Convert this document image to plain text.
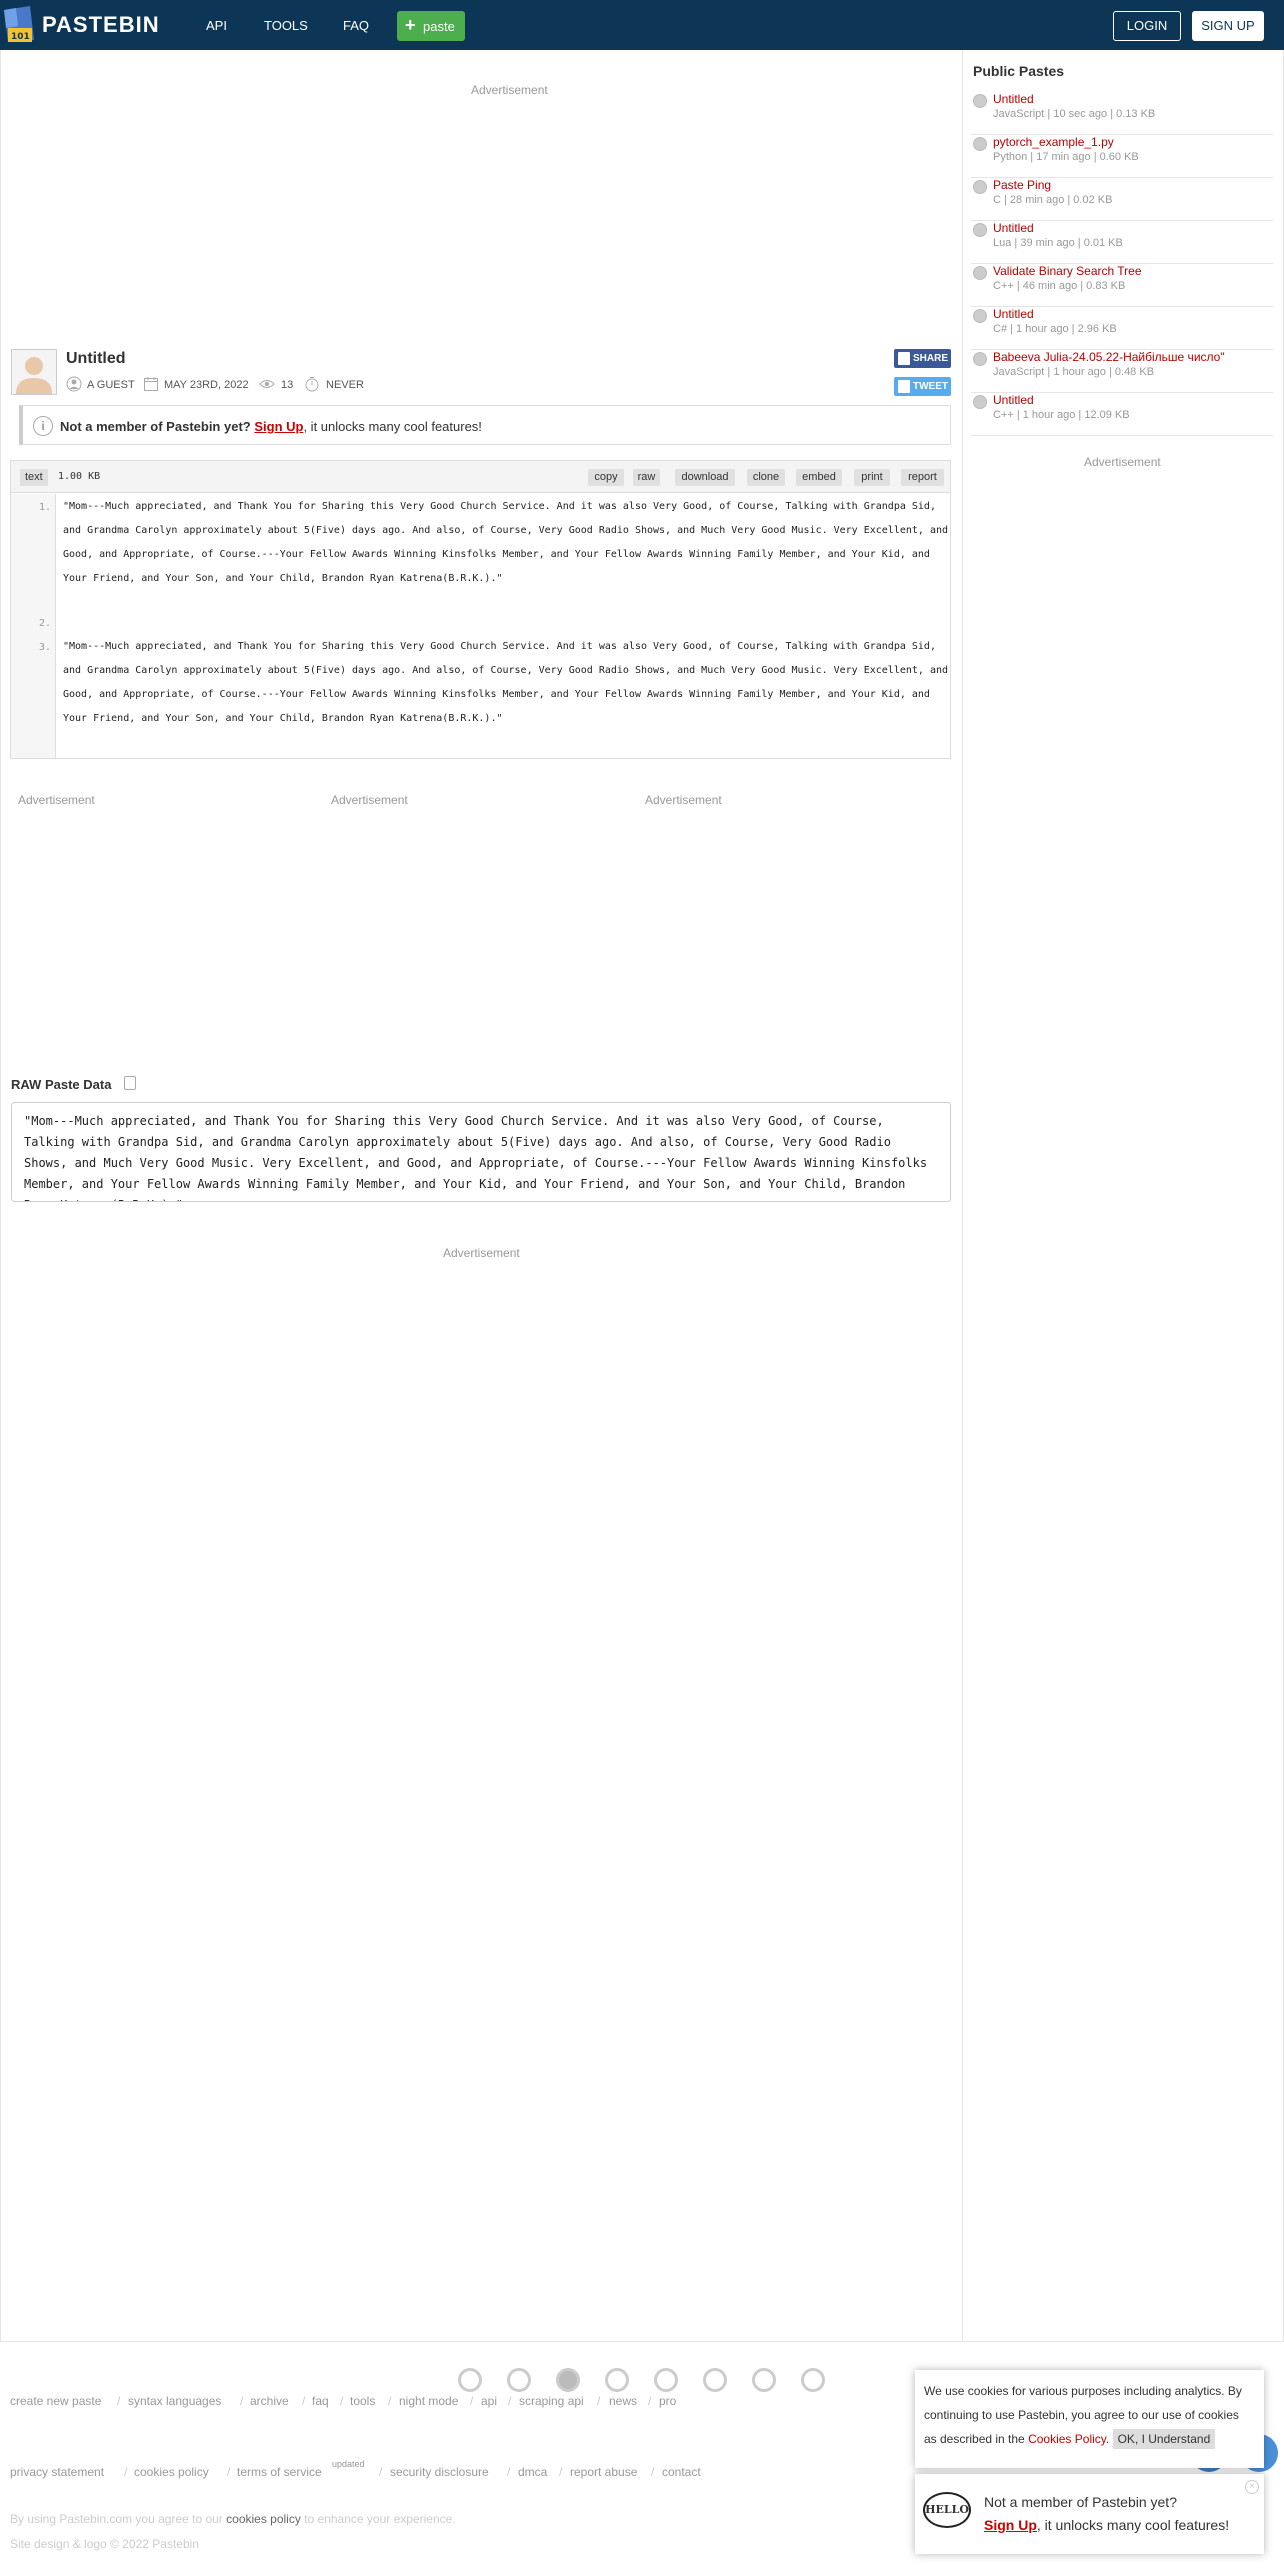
101 PASTEBIN	API	TOOLS	FAQ + paste	LOGIN	SIGN UP
Advertisement
Untitled
A GUEST	MAY 23RD, 2022	13	NEVER
SHARE
TWEET
i	Not a member of Pastebin yet? Sign Up, it unlocks many cool features!
text	1.00 KB	copy	raw	download	clone	embed	print	report
1.
2.
3.
"Mom---Much appreciated, and Thank You for Sharing this Very Good Church Service. And it was also Very Good, of Course, Talking with Grandpa Sid, and Grandma Carolyn approximately about 5(Five) days ago. And also, of Course, Very Good Radio Shows, and Much Very Good Music. Very Excellent, and Good, and Appropriate, of Course.---Your Fellow Awards Winning Kinsfolks Member, and Your Fellow Awards Winning Family Member, and Your Kid, and Your Friend, and Your Son, and Your Child, Brandon Ryan Katrena(B.R.K.)."
"Mom---Much appreciated, and Thank You for Sharing this Very Good Church Service. And it was also Very Good, of Course, Talking with Grandpa Sid, and Grandma Carolyn approximately about 5(Five) days ago. And also, of Course, Very Good Radio Shows, and Much Very Good Music. Very Excellent, and Good, and Appropriate, of Course.---Your Fellow Awards Winning Kinsfolks Member, and Your Fellow Awards Winning Family Member, and Your Kid, and Your Friend, and Your Son, and Your Child, Brandon Ryan Katrena(B.R.K.)."
Advertisement	Advertisement	Advertisement
RAW Paste Data
"Mom---Much appreciated, and Thank You for Sharing this Very Good Church Service. And it was also Very Good, of Course, Talking with Grandpa Sid, and Grandma Carolyn approximately about 5(Five) days ago. And also, of Course, Very Good Radio Shows, and Much Very Good Music. Very Excellent, and Good, and Appropriate, of Course.---Your Fellow Awards Winning Kinsfolks Member, and Your Fellow Awards Winning Family Member, and Your Kid, and Your Friend, and Your Son, and Your Child, Brandon Ryan Katrena(B.R.K.)."
Advertisement
Public Pastes
Untitled
JavaScript | 10 sec ago | 0.13 KB
pytorch_example_1.py
Python | 17 min ago | 0.60 KB
Paste Ping
C | 28 min ago | 0.02 KB
Untitled
Lua | 39 min ago | 0.01 KB
Validate Binary Search Tree
C++ | 46 min ago | 0.83 KB
Untitled
C# | 1 hour ago | 2.96 KB
Babeeva Julia-24.05.22-Найбільше число"
JavaScript | 1 hour ago | 0.48 KB
Untitled
C++ | 1 hour ago | 12.09 KB
Advertisement
create new paste / syntax languages / archive / faq / tools / night mode / api / scraping api / news / pro
privacy statement / cookies policy / terms of service
updated
/ security disclosure / dmca / report abuse / contact
By using Pastebin.com you agree to our cookies policy to enhance your experience.
Site design & logo © 2022 Pastebin
We use cookies for various purposes including analytics. By continuing to use Pastebin, you agree to our use of cookies as described in the Cookies Policy. OK, I Understand
HELLO
×
Not a member of Pastebin yet?
Sign Up, it unlocks many cool features!
